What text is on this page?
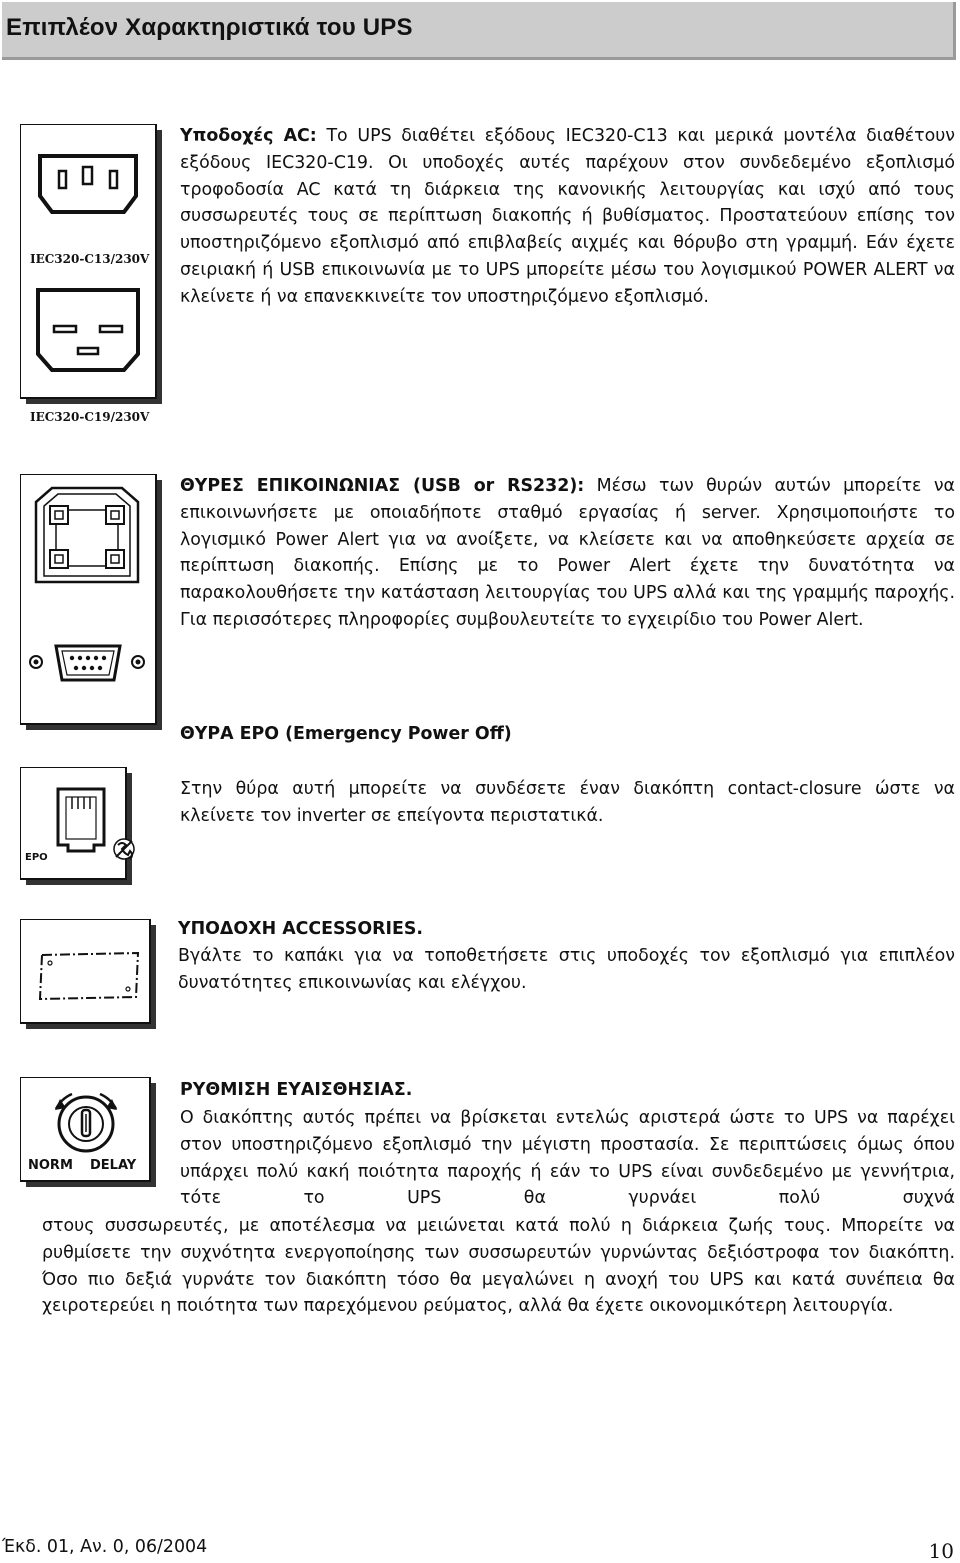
Επιπλέον Χαρακτηριστικά του UPS
IEC320-C13/230V
IEC320-C19/230V

Υποδοχές AC: Το UPS διαθέτει εξόδους IEC320-C13 και μερικά μοντέλα διαθέτουν εξόδους IEC320-C19. Οι υποδοχές αυτές παρέχουν στον συνδεδεμένο εξοπλισμό τροφοδοσία AC κατά τη διάρκεια της κανονικής λειτουργίας και ισχύ από τους συσσωρευτές τους σε περίπτωση διακοπής ή βυθίσματος. Προστατεύουν επίσης τον υποστηριζόμενο εξοπλισμό από επιβλαβείς αιχμές και θόρυβο στη γραμμή. Εάν έχετε σειριακή ή USB επικοινωνία με το UPS μπορείτε μέσω του λογισμικού POWER ALERT να κλείνετε ή να επανεκκινείτε τον υποστηριζόμενο εξοπλισμό.

ΘΥΡΕΣ ΕΠΙΚΟΙΝΩΝΙΑΣ (USB or RS232): Μέσω των θυρών αυτών μπορείτε να επικοινωνήσετε με οποιαδήποτε σταθμό εργασίας ή server. Χρησιμοποιήστε το λογισμικό Power Alert για να ανοίξετε, να κλείσετε και να αποθηκεύσετε αρχεία σε περίπτωση διακοπής. Επίσης με το Power Alert έχετε την δυνατότητα να παρακολουθήσετε την κατάσταση λειτουργίας του UPS αλλά και της γραμμής παροχής. Για περισσότερες πληροφορίες συμβουλευτείτε το εγχειρίδιο του Power Alert.

ΘΥΡΑ EPO (Emergency Power Off)
EPO

Στην θύρα αυτή μπορείτε να συνδέσετε έναν διακόπτη contact-closure ώστε να κλείνετε τον inverter σε επείγοντα περιστατικά.

ΥΠΟΔΟΧΗ ACCESSORIES.

Βγάλτε το καπάκι για να τοποθετήσετε στις υποδοχές τον εξοπλισμό για επιπλέον δυνατότητες επικοινωνίας και ελέγχου.

NORM DELAY
ΡΥΘΜΙΣΗ ΕΥΑΙΣΘΗΣΙΑΣ.

Ο διακόπτης αυτός πρέπει να βρίσκεται εντελώς αριστερά ώστε το UPS να παρέχει στον υποστηριζόμενο εξοπλισμό την μέγιστη προστασία. Σε περιπτώσεις όμως όπου υπάρχει πολύ κακή ποιότητα παροχής ή εάν το UPS είναι συνδεδεμένο με γεννήτρια, τότε το UPS θα γυρνάει πολύ συχνά

στους συσσωρευτές, με αποτέλεσμα να μειώνεται κατά πολύ η διάρκεια ζωής τους. Μπορείτε να ρυθμίσετε την συχνότητα ενεργοποίησης των συσσωρευτών γυρνώντας δεξιόστροφα τον διακόπτη. Όσο πιο δεξιά γυρνάτε τον διακόπτη τόσο θα μεγαλώνει η ανοχή του UPS και κατά συνέπεια θα χειροτερεύει η ποιότητα των παρεχόμενου ρεύματος, αλλά θα έχετε οικονομικότερη λειτουργία.

Έκδ. 01, Αν. 0, 06/2004	10
